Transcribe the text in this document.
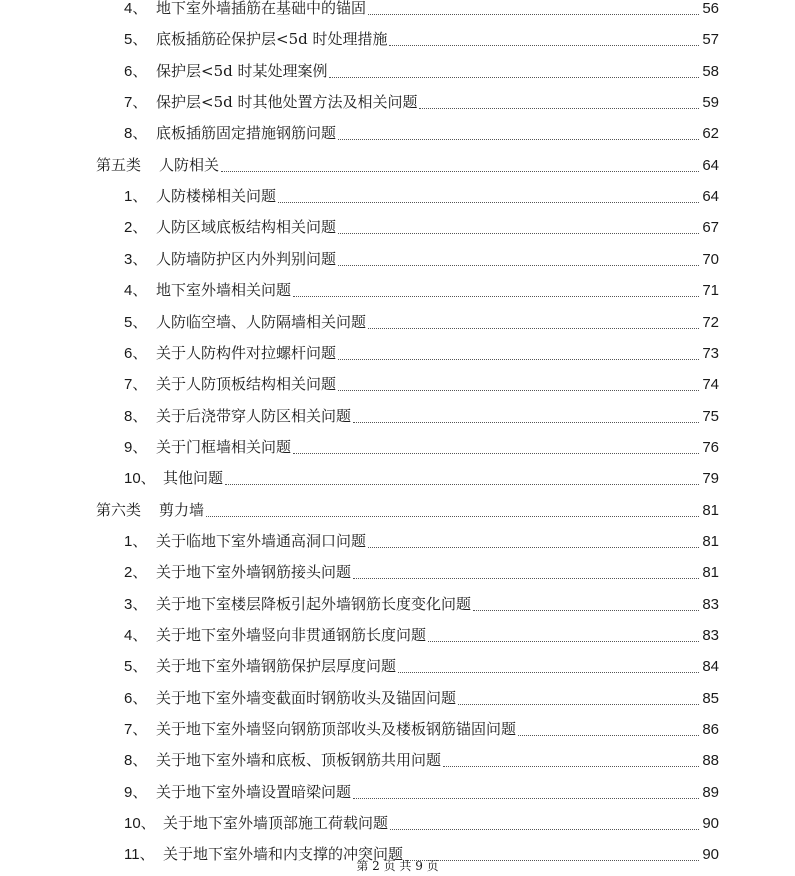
4、 地下室外墙插筋在基础中的锚固	56
5、 底板插筋砼保护层<5d 时处理措施	57
6、 保护层<5d 时某处理案例	58
7、 保护层<5d 时其他处置方法及相关问题	59
8、 底板插筋固定措施钢筋问题	62
第五类 人防相关	64
1、 人防楼梯相关问题	64
2、 人防区域底板结构相关问题	67
3、 人防墙防护区内外判别问题	70
4、 地下室外墙相关问题	71
5、 人防临空墙、人防隔墙相关问题	72
6、 关于人防构件对拉螺杆问题	73
7、 关于人防顶板结构相关问题	74
8、 关于后浇带穿人防区相关问题	75
9、 关于门框墙相关问题	76
10、 其他问题	79
第六类 剪力墙	81
1、 关于临地下室外墙通高洞口问题	81
2、 关于地下室外墙钢筋接头问题	81
3、 关于地下室楼层降板引起外墙钢筋长度变化问题	83
4、 关于地下室外墙竖向非贯通钢筋长度问题	83
5、 关于地下室外墙钢筋保护层厚度问题	84
6、 关于地下室外墙变截面时钢筋收头及锚固问题	85
7、 关于地下室外墙竖向钢筋顶部收头及楼板钢筋锚固问题	86
8、 关于地下室外墙和底板、顶板钢筋共用问题	88
9、 关于地下室外墙设置暗梁问题	89
10、 关于地下室外墙顶部施工荷载问题	90
11、 关于地下室外墙和内支撑的冲突问题	90
第 2 页 共 9 页
